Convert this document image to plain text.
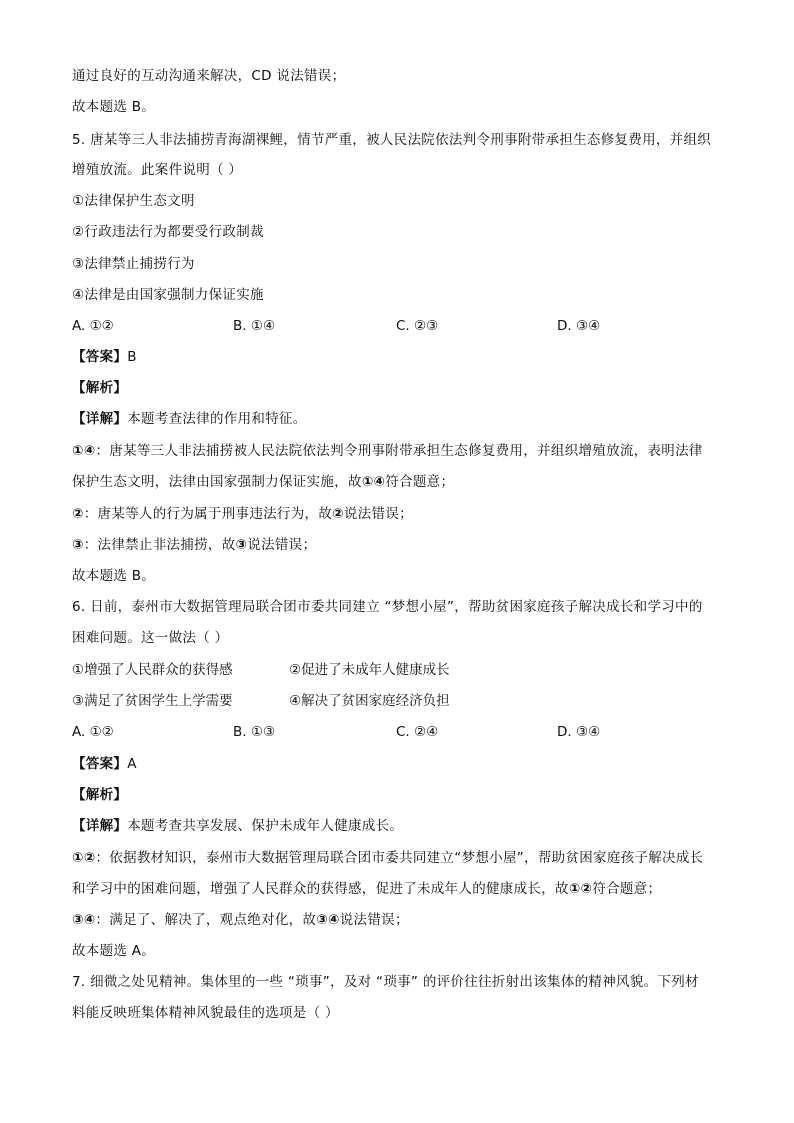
通过良好的互动沟通来解决，CD 说法错误；
故本题选 B。
5. 唐某等三人非法捕捞青海湖裸鲤，情节严重，被人民法院依法判令刑事附带承担生态修复费用，并组织
增殖放流。此案件说明（ ）
①法律保护生态文明
②行政违法行为都要受行政制裁
③法律禁止捕捞行为
④法律是由国家强制力保证实施
A. ①②	B. ①④	C. ②③	D. ③④
【答案】B
【解析】
【详解】本题考查法律的作用和特征。
①④：唐某等三人非法捕捞被人民法院依法判令刑事附带承担生态修复费用，并组织增殖放流，表明法律
保护生态文明，法律由国家强制力保证实施，故①④符合题意；
②：唐某等人的行为属于刑事违法行为，故②说法错误；
③：法律禁止非法捕捞，故③说法错误；
故本题选 B。
6. 日前，泰州市大数据管理局联合团市委共同建立 “梦想小屋”，帮助贫困家庭孩子解决成长和学习中的
困难问题。这一做法（ ）
①增强了人民群众的获得感	②促进了未成年人健康成长
③满足了贫困学生上学需要	④解决了贫困家庭经济负担
A. ①②	B. ①③	C. ②④	D. ③④
【答案】A
【解析】
【详解】本题考查共享发展、保护未成年人健康成长。
①②：依据教材知识，泰州市大数据管理局联合团市委共同建立“梦想小屋”，帮助贫困家庭孩子解决成长
和学习中的困难问题，增强了人民群众的获得感，促进了未成年人的健康成长，故①②符合题意；
③④：满足了、解决了，观点绝对化，故③④说法错误；
故本题选 A。
7. 细微之处见精神。集体里的一些 “琐事”，及对 “琐事” 的评价往往折射出该集体的精神风貌。下列材
料能反映班集体精神风貌最佳的选项是（ ）
